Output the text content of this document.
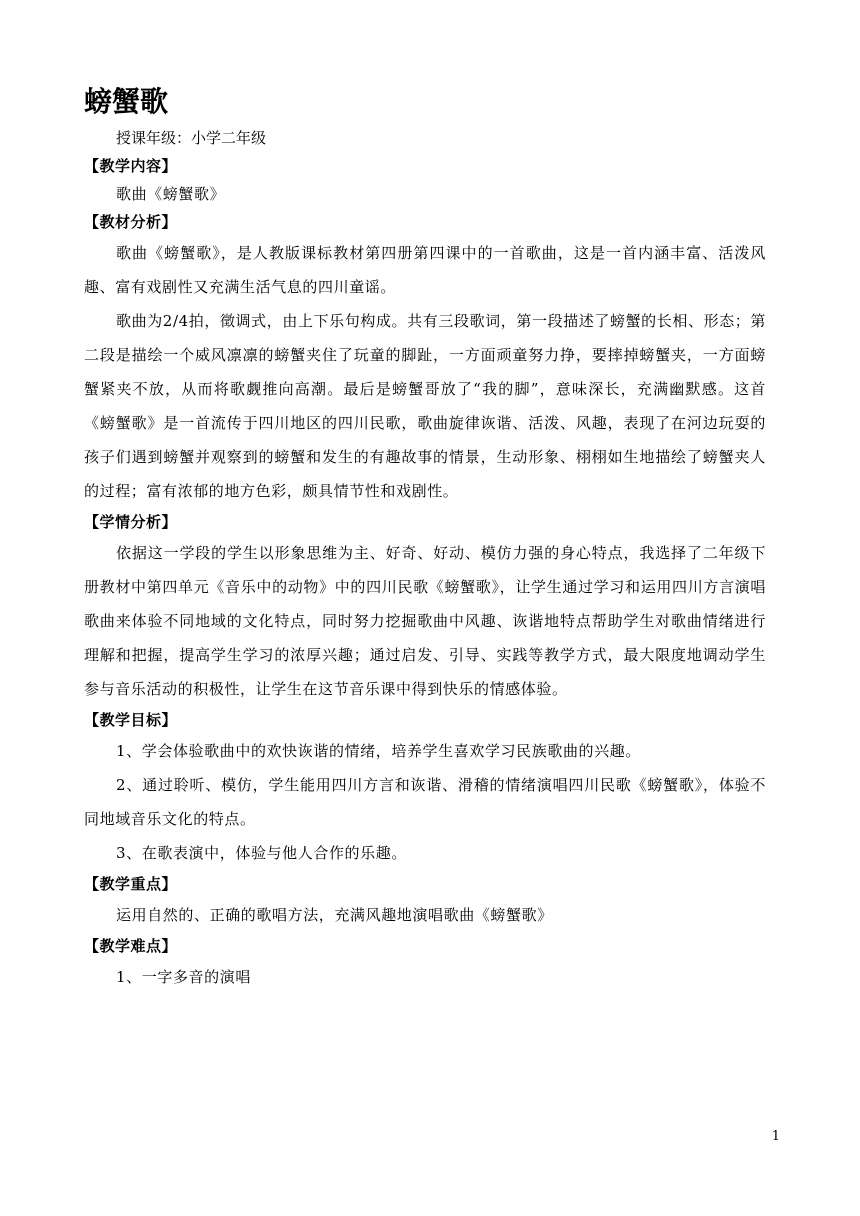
螃蟹歌

授课年级：小学二年级

【教学内容】

歌曲《螃蟹歌》

【教材分析】

歌曲《螃蟹歌》，是人教版课标教材第四册第四课中的一首歌曲，这是一首内涵丰富、活泼风趣、富有戏剧性又充满生活气息的四川童谣。

歌曲为2/4拍，徵调式，由上下乐句构成。共有三段歌词，第一段描述了螃蟹的长相、形态；第二段是描绘一个威风凛凛的螃蟹夹住了玩童的脚趾，一方面顽童努力挣，要摔掉螃蟹夹，一方面螃蟹紧夹不放，从而将歌觑推向高潮。最后是螃蟹哥放了“我的脚”，意味深长，充满幽默感。这首《螃蟹歌》是一首流传于四川地区的四川民歌，歌曲旋律诙谐、活泼、风趣，表现了在河边玩耍的孩子们遇到螃蟹并观察到的螃蟹和发生的有趣故事的情景，生动形象、栩栩如生地描绘了螃蟹夹人的过程；富有浓郁的地方色彩，颇具情节性和戏剧性。

【学情分析】

依据这一学段的学生以形象思维为主、好奇、好动、模仿力强的身心特点，我选择了二年级下册教材中第四单元《音乐中的动物》中的四川民歌《螃蟹歌》，让学生通过学习和运用四川方言演唱歌曲来体验不同地域的文化特点，同时努力挖掘歌曲中风趣、诙谐地特点帮助学生对歌曲情绪进行理解和把握，提高学生学习的浓厚兴趣；通过启发、引导、实践等教学方式，最大限度地调动学生参与音乐活动的积极性，让学生在这节音乐课中得到快乐的情感体验。

【教学目标】

1、学会体验歌曲中的欢快诙谐的情绪，培养学生喜欢学习民族歌曲的兴趣。

2、通过聆听、模仿，学生能用四川方言和诙谐、滑稽的情绪演唱四川民歌《螃蟹歌》，体验不同地域音乐文化的特点。

3、在歌表演中，体验与他人合作的乐趣。

【教学重点】

运用自然的、正确的歌唱方法，充满风趣地演唱歌曲《螃蟹歌》

【教学难点】

1、一字多音的演唱

1
